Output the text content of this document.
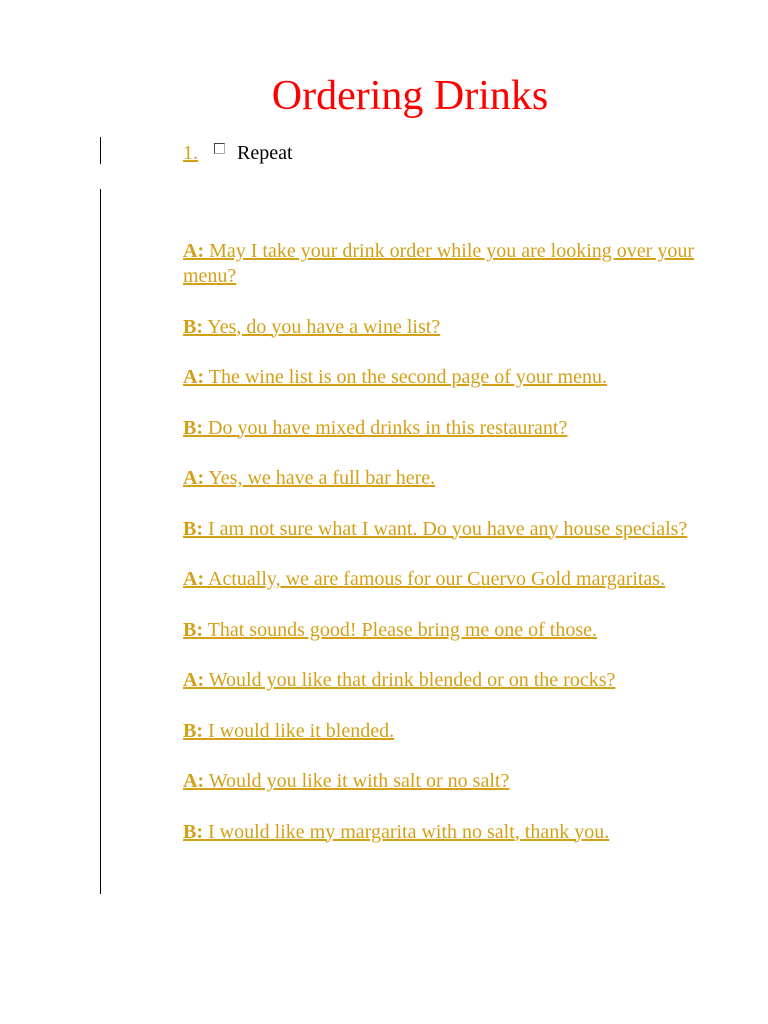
Ordering Drinks
1. Repeat

A: May I take your drink order while you are looking over your menu?

B: Yes, do you have a wine list?

A: The wine list is on the second page of your menu.

B: Do you have mixed drinks in this restaurant?

A: Yes, we have a full bar here.

B: I am not sure what I want. Do you have any house specials?

A: Actually, we are famous for our Cuervo Gold margaritas.

B: That sounds good! Please bring me one of those.

A: Would you like that drink blended or on the rocks?

B: I would like it blended.

A: Would you like it with salt or no salt?

B: I would like my margarita with no salt, thank you.
